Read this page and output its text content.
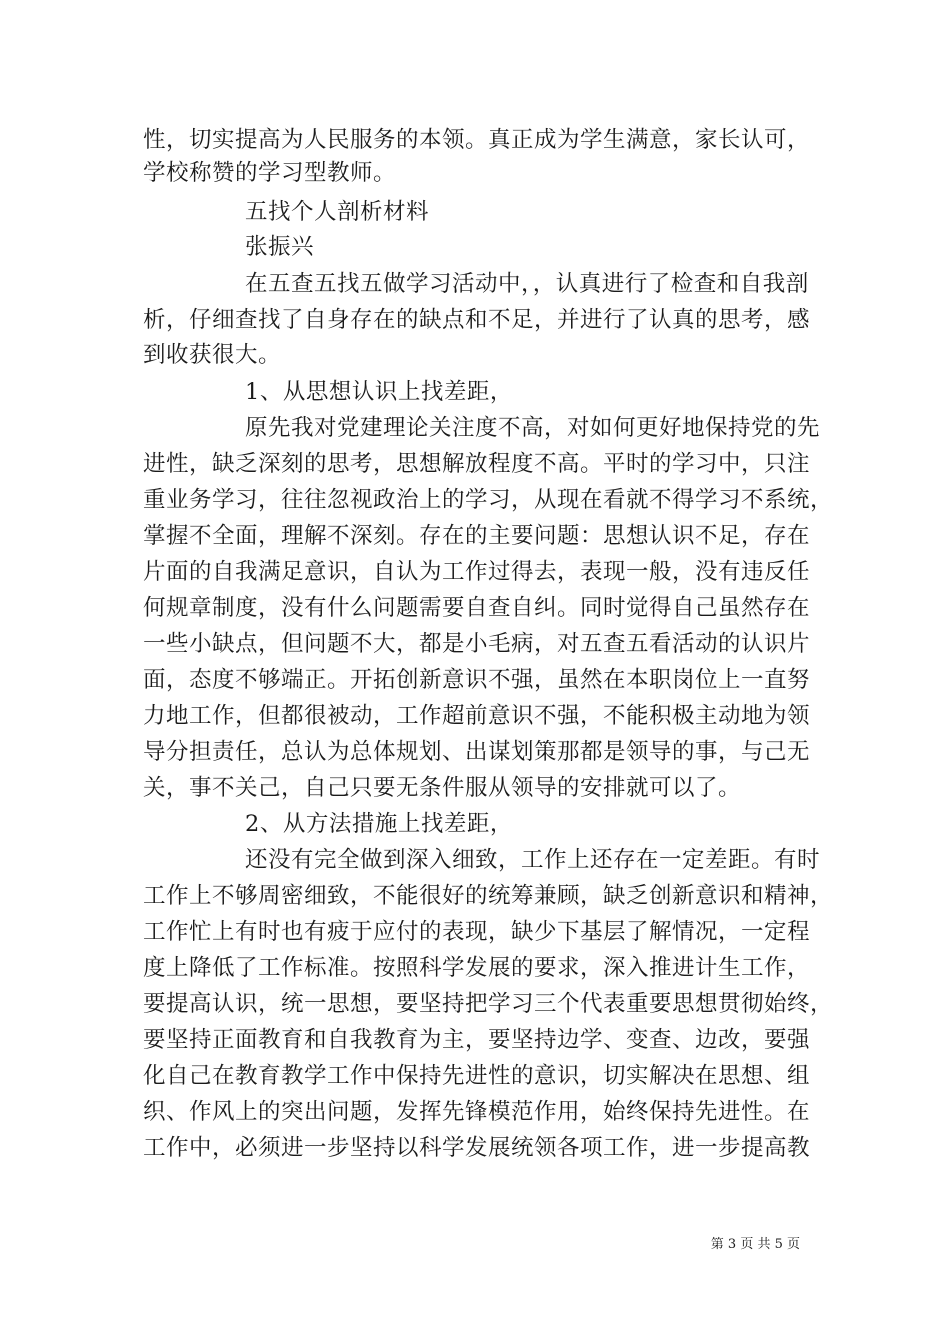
性，切实提高为人民服务的本领。真正成为学生满意，家长认可，
学校称赞的学习型教师。
五找个人剖析材料
张振兴
在五查五找五做学习活动中，，认真进行了检查和自我剖
析，仔细查找了自身存在的缺点和不足，并进行了认真的思考，感
到收获很大。
1、从思想认识上找差距，
原先我对党建理论关注度不高，对如何更好地保持党的先
进性，缺乏深刻的思考，思想解放程度不高。平时的学习中，只注
重业务学习，往往忽视政治上的学习，从现在看就不得学习不系统，
掌握不全面，理解不深刻。存在的主要问题：思想认识不足，存在
片面的自我满足意识，自认为工作过得去，表现一般，没有违反任
何规章制度，没有什么问题需要自查自纠。同时觉得自己虽然存在
一些小缺点，但问题不大，都是小毛病，对五查五看活动的认识片
面，态度不够端正。开拓创新意识不强，虽然在本职岗位上一直努
力地工作，但都很被动，工作超前意识不强，不能积极主动地为领
导分担责任，总认为总体规划、出谋划策那都是领导的事，与己无
关，事不关己，自己只要无条件服从领导的安排就可以了。
2、从方法措施上找差距，
还没有完全做到深入细致，工作上还存在一定差距。有时
工作上不够周密细致，不能很好的统筹兼顾，缺乏创新意识和精神，
工作忙上有时也有疲于应付的表现，缺少下基层了解情况，一定程
度上降低了工作标准。按照科学发展的要求，深入推进计生工作，
要提高认识，统一思想，要坚持把学习三个代表重要思想贯彻始终，
要坚持正面教育和自我教育为主，要坚持边学、变查、边改，要强
化自己在教育教学工作中保持先进性的意识，切实解决在思想、组
织、作风上的突出问题，发挥先锋模范作用，始终保持先进性。在
工作中，必须进一步坚持以科学发展统领各项工作，进一步提高教
第 3 页 共 5 页
